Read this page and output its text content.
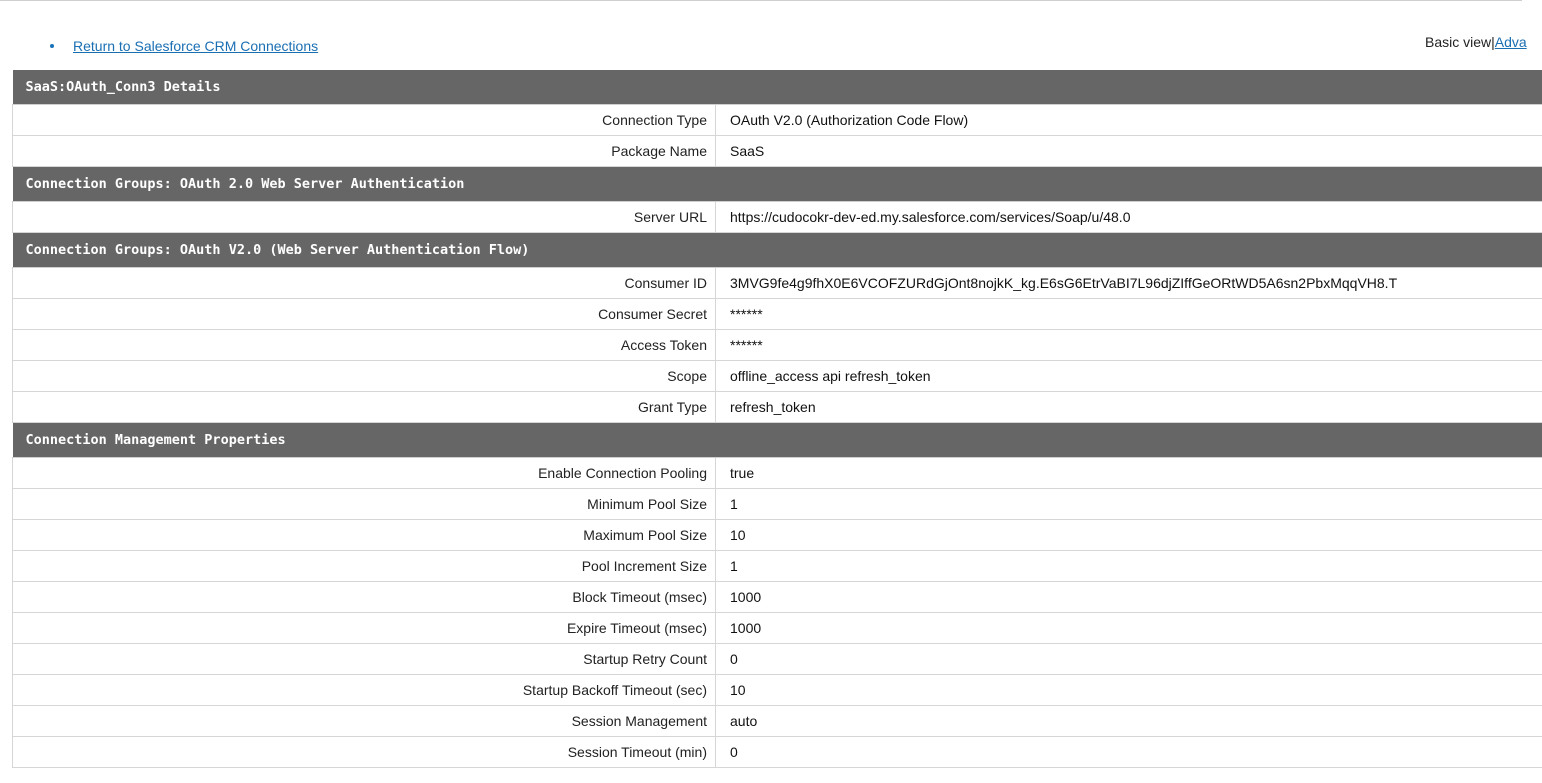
Return to Salesforce CRM Connections	Basic view|Adva
SaaS:OAuth_Conn3 Details	
Connection Type	OAuth V2.0 (Authorization Code Flow)
Package Name	SaaS
Connection Groups: OAuth 2.0 Web Server Authentication	
Server URL	https://cudocokr-dev-ed.my.salesforce.com/services/Soap/u/48.0
Connection Groups: OAuth V2.0 (Web Server Authentication Flow)	
Consumer ID	3MVG9fe4g9fhX0E6VCOFZURdGjOnt8nojkK_kg.E6sG6EtrVaBI7L96djZIffGeORtWD5A6sn2PbxMqqVH8.T
Consumer Secret	******
Access Token	******
Scope	offline_access api refresh_token
Grant Type	refresh_token
Connection Management Properties	
Enable Connection Pooling	true
Minimum Pool Size	1
Maximum Pool Size	10
Pool Increment Size	1
Block Timeout (msec)	1000
Expire Timeout (msec)	1000
Startup Retry Count	0
Startup Backoff Timeout (sec)	10
Session Management	auto
Session Timeout (min)	0
